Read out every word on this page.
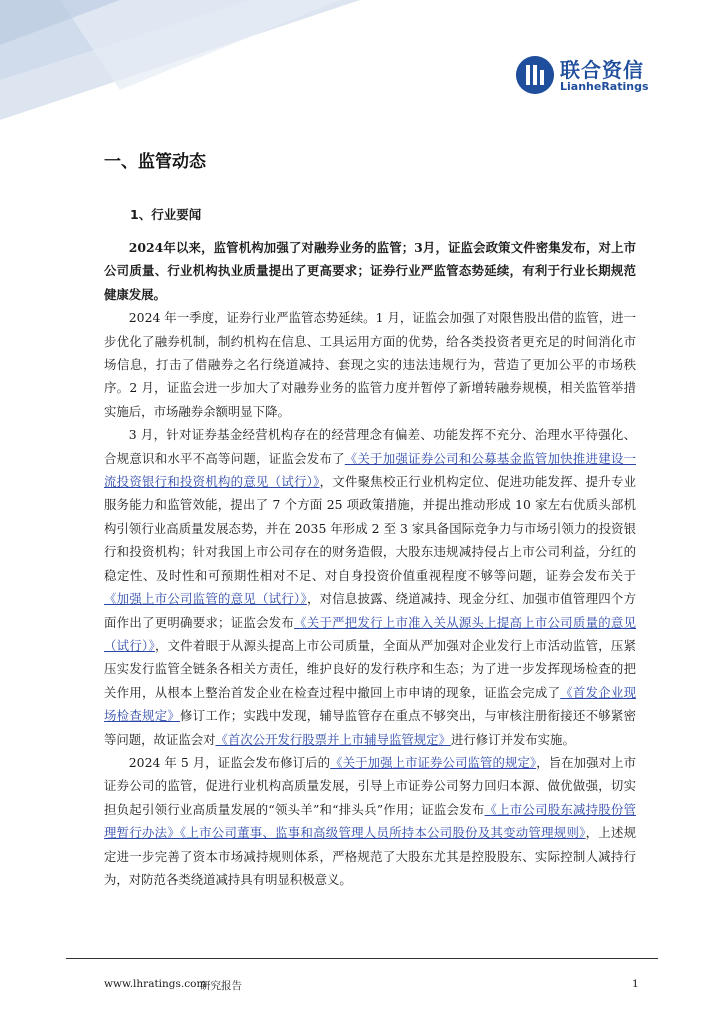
联合资信
LianheRatings
一、监管动态
1、行业要闻

2024年以来，监管机构加强了对融券业务的监管；3月，证监会政策文件密集发布，对上市公司质量、行业机构执业质量提出了更高要求；证券行业严监管态势延续，有利于行业长期规范健康发展。

2024 年一季度，证券行业严监管态势延续。1 月，证监会加强了对限售股出借的监管，进一步优化了融券机制，制约机构在信息、工具运用方面的优势，给各类投资者更充足的时间消化市场信息，打击了借融券之名行绕道减持、套现之实的违法违规行为，营造了更加公平的市场秩序。2 月，证监会进一步加大了对融券业务的监管力度并暂停了新增转融券规模，相关监管举措实施后，市场融券余额明显下降。

3 月，针对证券基金经营机构存在的经营理念有偏差、功能发挥不充分、治理水平待强化、合规意识和水平不高等问题，证监会发布了《关于加强证券公司和公募基金监管加快推进建设一流投资银行和投资机构的意见（试行）》，文件聚焦校正行业机构定位、促进功能发挥、提升专业服务能力和监管效能，提出了 7 个方面 25 项政策措施，并提出推动形成 10 家左右优质头部机构引领行业高质量发展态势，并在 2035 年形成 2 至 3 家具备国际竞争力与市场引领力的投资银行和投资机构；针对我国上市公司存在的财务造假，大股东违规减持侵占上市公司利益，分红的稳定性、及时性和可预期性相对不足、对自身投资价值重视程度不够等问题，证券会发布关于《加强上市公司监管的意见（试行）》，对信息披露、绕道减持、现金分红、加强市值管理四个方面作出了更明确要求；证监会发布《关于严把发行上市准入关从源头上提高上市公司质量的意见（试行）》，文件着眼于从源头提高上市公司质量，全面从严加强对企业发行上市活动监管，压紧压实发行监管全链条各相关方责任，维护良好的发行秩序和生态；为了进一步发挥现场检查的把关作用，从根本上整治首发企业在检查过程中撤回上市申请的现象，证监会完成了《首发企业现场检查规定》修订工作；实践中发现，辅导监管存在重点不够突出，与审核注册衔接还不够紧密等问题，故证监会对《首次公开发行股票并上市辅导监管规定》进行修订并发布实施。

2024 年 5 月，证监会发布修订后的《关于加强上市证券公司监管的规定》，旨在加强对上市证券公司的监管，促进行业机构高质量发展，引导上市证券公司努力回归本源、做优做强，切实担负起引领行业高质量发展的“领头羊”和“排头兵”作用；证监会发布《上市公司股东减持股份管理暂行办法》《上市公司董事、监事和高级管理人员所持本公司股份及其变动管理规则》，上述规定进一步完善了资本市场减持规则体系，严格规范了大股东尤其是控股股东、实际控制人减持行为，对防范各类绕道减持具有明显积极意义。

www.lhratings.com
研究报告	1
